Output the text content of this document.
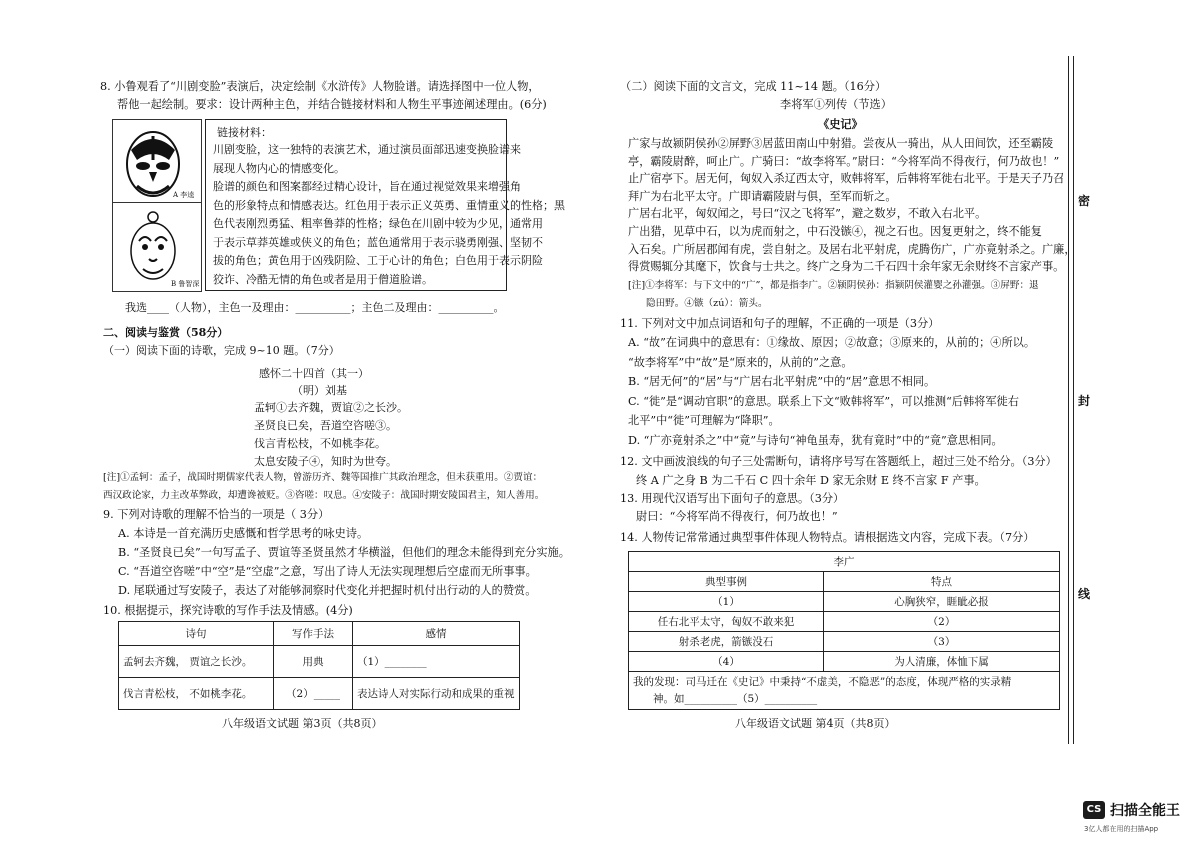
8. 小鲁观看了“川剧变脸”表演后，决定绘制《水浒传》人物脸谱。请选择图中一位人物，
帮他一起绘制。要求：设计两种主色，并结合链接材料和人物生平事迹阐述理由。(6分)
A 李逵
B 鲁智深
链接材料：
川剧变脸，这一独特的表演艺术，通过演员面部迅速变换脸谱来
展现人物内心的情感变化。
脸谱的颜色和图案都经过精心设计，旨在通过视觉效果来增强角
色的形象特点和情感表达。红色用于表示正义英勇、重情重义的性格；黑
色代表刚烈勇猛、粗率鲁莽的性格；绿色在川剧中较为少见，通常用
于表示草莽英雄或侠义的角色；蓝色通常用于表示骁勇刚强、坚韧不
拔的角色；黄色用于凶残阴险、工于心计的角色；白色用于表示阴险
狡诈、冷酷无情的角色或者是用于僧道脸谱。
我选____（人物），主色一及理由：__________；主色二及理由：__________。
二、阅读与鉴赏（58分）
（一）阅读下面的诗歌，完成 9~10 题。（7分）
感怀二十四首（其一）
（明）刘基
孟轲①去齐魏，贾谊②之长沙。
圣贤良已矣，吾道空咨嗟③。
伐言青松枝，不如桃李花。
太息安陵子④，知时为世夸。
[注]①孟轲：孟子，战国时期儒家代表人物，曾游历齐、魏等国推广其政治理念，但未获重用。②贾谊：
西汉政论家，力主改革弊政，却遭谗被贬。③咨嗟：叹息。④安陵子：战国时期安陵国君主，知人善用。
9. 下列对诗歌的理解不恰当的一项是（ 3分）
A. 本诗是一首充满历史感慨和哲学思考的咏史诗。
B. “圣贤良已矣”一句写孟子、贾谊等圣贤虽然才华横溢，但他们的理念未能得到充分实施。
C. “吾道空咨嗟”中“空”是“空虚”之意，写出了诗人无法实现理想后空虚而无所事事。
D. 尾联通过写安陵子，表达了对能够洞察时代变化并把握时机付出行动的人的赞赏。
10. 根据提示，探究诗歌的写作手法及情感。(4分)
诗句	写作手法	感情
孟轲去齐魏， 贾谊之长沙。	用典	（1）________
伐言青松枝， 不如桃李花。	（2）_____	表达诗人对实际行动和成果的重视
八年级语文试题 第3页（共8页）
（二）阅读下面的文言文，完成 11~14 题。（16分）
李将军①列传（节选）
《史记》
广家与故颍阴侯孙②屏野③居蓝田南山中射猎。尝夜从一骑出，从人田间饮，还至霸陵
亭，霸陵尉醉，呵止广。广骑曰：“故李将军。”尉曰：“今将军尚不得夜行，何乃故也！”
止广宿亭下。居无何，匈奴入杀辽西太守，败韩将军，后韩将军徙右北平。于是天子乃召
拜广为右北平太守。广即请霸陵尉与俱，至军而斩之。
广居右北平，匈奴闻之，号曰“汉之飞将军”，避之数岁，不敢入右北平。
广出猎，见草中石，以为虎而射之，中石没镞④，视之石也。因复更射之，终不能复
入石矣。广所居郡闻有虎，尝自射之。及居右北平射虎，虎腾伤广，广亦竟射杀之。广廉，
得赏赐辄分其麾下，饮食与士共之。终广之身为二千石四十余年家无余财终不言家产事。
[注]①李将军：与下文中的“广”，都是指李广。②颍阴侯孙：指颍阴侯灌婴之孙灌强。③屏野：退
隐田野。④镞（zú）：箭头。
11. 下列对文中加点词语和句子的理解，不正确的一项是（3分）
A. “故”在词典中的意思有：①缘故、原因；②故意；③原来的，从前的；④所以。
“故李将军”中“故”是“原来的，从前的”之意。
B. “居无何”的“居”与“广居右北平射虎”中的“居”意思不相同。
C. “徙”是“调动官职”的意思。联系上下文“败韩将军”，可以推测“后韩将军徙右
北平”中“徙”可理解为“降职”。
D. “广亦竟射杀之”中“竟”与诗句“神龟虽寿，犹有竟时”中的“竟”意思相同。
12. 文中画波浪线的句子三处需断句，请将序号写在答题纸上，超过三处不给分。（3分）
终 A 广之身 B 为二千石 C 四十余年 D 家无余财 E 终不言家 F 产事。
13. 用现代汉语写出下面句子的意思。（3分）
尉曰：“今将军尚不得夜行，何乃故也！”
14. 人物传记常常通过典型事件体现人物特点。请根据选文内容，完成下表。（7分）
李广	
典型事例	特点
（1）	心胸狭窄，睚眦必报
任右北平太守，匈奴不敢来犯	（2）
射杀老虎，箭镞没石	（3）
（4）	为人清廉，体恤下属

我的发现：司马迁在《史记》中秉持“不虚美，不隐恶”的态度，体现严格的实录精
神。如__________（5）__________	
八年级语文试题 第4页（共8页）
密
封
线
CS 扫描全能王
3亿人都在用的扫描App
